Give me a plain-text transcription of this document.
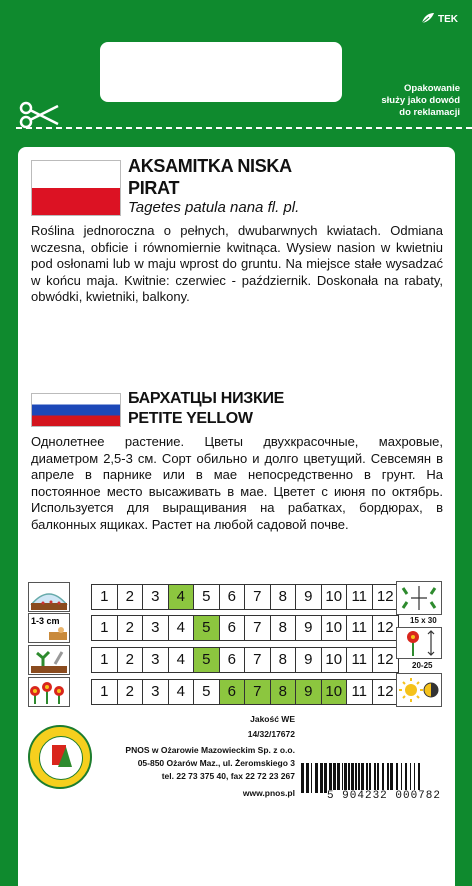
TEK
Opakowanie
służy jako dowód
do reklamacji
AKSAMITKA NISKA
PIRAT
Tagetes patula nana fl. pl.
Roślina jednoroczna o pełnych, dwubarwnych kwiatach. Odmiana wczesna, obficie i równomiernie kwitnąca. Wysiew nasion w kwietniu pod osłonami lub w maju wprost do gruntu. Na miejsce stałe wysadzać w końcu maja. Kwitnie: czerwiec - październik. Doskonała na rabaty, obwódki, kwietniki, balkony.
БАРХАТЦЫ НИЗКИЕ
PETITE YELLOW
Однолетнее растение. Цветы двухкрасочные, махровые, диаметром 2,5-3 см. Сорт обильно и долго цветущий. Севсемян в апреле в парнике или в мае непосредственно в грунт. На постоянное место высаживать в мае. Цветет с июня по октябрь. Используется для выращивания на рабатках, бордюрах, в балконных ящиках. Растет на любой садовой почве.
1	2	3	4	5	6	7	8	9 10 11 12
1-3 cm	1	2	3	4	5	6	7	8	9 10 11 12
1	2	3	4	5	6	7	8	9 10 11 12
1	2	3	4	5	6	7	8	9 10 11 12
15 x 30
20-25
Jakość WE
14/32/17672
PNOS w Ożarowie Mazowieckim Sp. z o.o.
05-850 Ożarów Maz., ul. Żeromskiego 3
tel. 22 73 375 40, fax 22 72 23 267
www.pnos.pl	5 904232 000782
